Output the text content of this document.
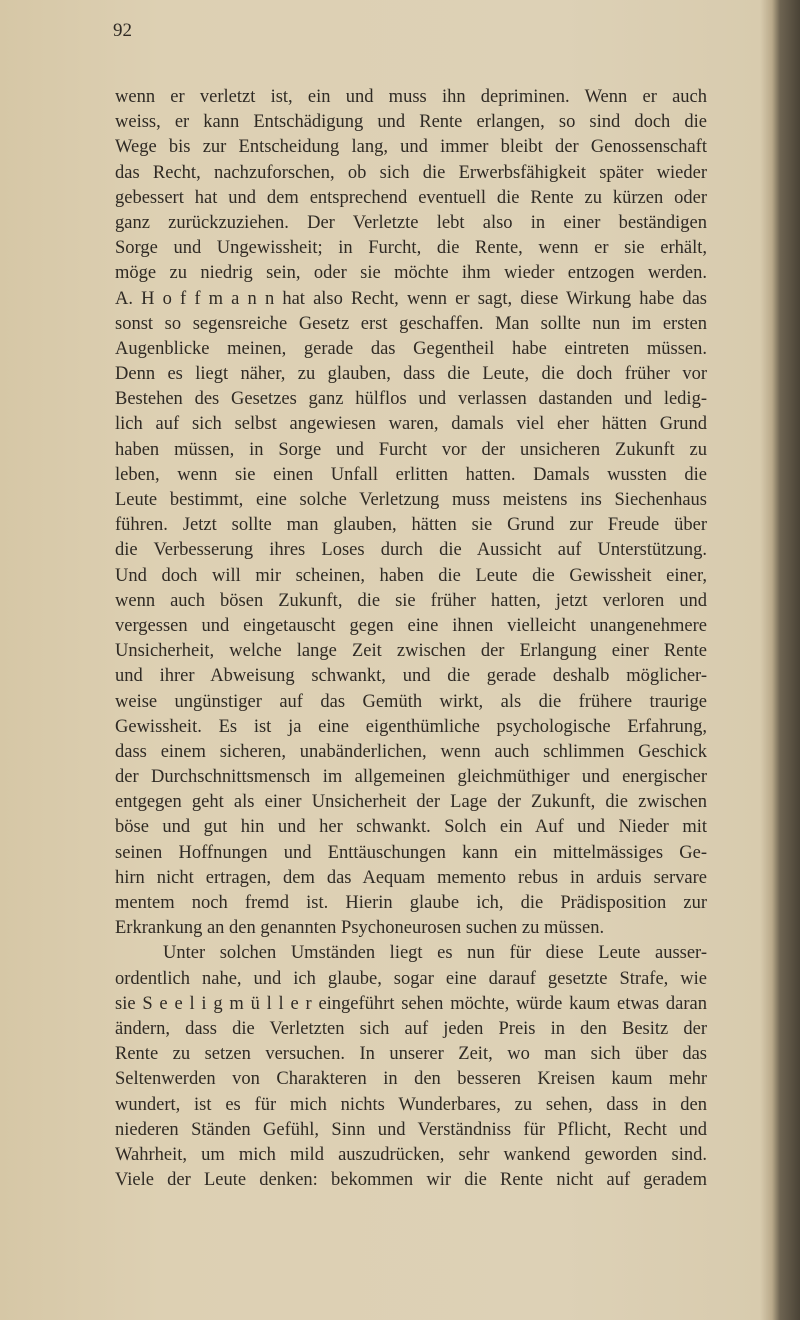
92
wenn er verletzt ist, ein und muss ihn depriminen. Wenn er auch
weiss, er kann Entschädigung und Rente erlangen, so sind doch die
Wege bis zur Entscheidung lang, und immer bleibt der Genossenschaft
das Recht, nachzuforschen, ob sich die Erwerbsfähigkeit später wieder
gebessert hat und dem entsprechend eventuell die Rente zu kürzen oder
ganz zurückzuziehen. Der Verletzte lebt also in einer beständigen
Sorge und Ungewissheit; in Furcht, die Rente, wenn er sie erhält,
möge zu niedrig sein, oder sie möchte ihm wieder entzogen werden.
A. H o f f m a n n hat also Recht, wenn er sagt, diese Wirkung habe das
sonst so segensreiche Gesetz erst geschaffen. Man sollte nun im ersten
Augenblicke meinen, gerade das Gegentheil habe eintreten müssen.
Denn es liegt näher, zu glauben, dass die Leute, die doch früher vor
Bestehen des Gesetzes ganz hülflos und verlassen dastanden und ledig-
lich auf sich selbst angewiesen waren, damals viel eher hätten Grund
haben müssen, in Sorge und Furcht vor der unsicheren Zukunft zu
leben, wenn sie einen Unfall erlitten hatten. Damals wussten die
Leute bestimmt, eine solche Verletzung muss meistens ins Siechenhaus
führen. Jetzt sollte man glauben, hätten sie Grund zur Freude über
die Verbesserung ihres Loses durch die Aussicht auf Unterstützung.
Und doch will mir scheinen, haben die Leute die Gewissheit einer,
wenn auch bösen Zukunft, die sie früher hatten, jetzt verloren und
vergessen und eingetauscht gegen eine ihnen vielleicht unangenehmere
Unsicherheit, welche lange Zeit zwischen der Erlangung einer Rente
und ihrer Abweisung schwankt, und die gerade deshalb möglicher-
weise ungünstiger auf das Gemüth wirkt, als die frühere traurige
Gewissheit. Es ist ja eine eigenthümliche psychologische Erfahrung,
dass einem sicheren, unabänderlichen, wenn auch schlimmen Geschick
der Durchschnittsmensch im allgemeinen gleichmüthiger und energischer
entgegen geht als einer Unsicherheit der Lage der Zukunft, die zwischen
böse und gut hin und her schwankt. Solch ein Auf und Nieder mit
seinen Hoffnungen und Enttäuschungen kann ein mittelmässiges Ge-
hirn nicht ertragen, dem das Aequam memento rebus in arduis servare
mentem noch fremd ist. Hierin glaube ich, die Prädisposition zur
Erkrankung an den genannten Psychoneurosen suchen zu müssen.
Unter solchen Umständen liegt es nun für diese Leute ausser-
ordentlich nahe, und ich glaube, sogar eine darauf gesetzte Strafe, wie
sie S e e l i g m ü l l e r eingeführt sehen möchte, würde kaum etwas daran
ändern, dass die Verletzten sich auf jeden Preis in den Besitz der
Rente zu setzen versuchen. In unserer Zeit, wo man sich über das
Seltenwerden von Charakteren in den besseren Kreisen kaum mehr
wundert, ist es für mich nichts Wunderbares, zu sehen, dass in den
niederen Ständen Gefühl, Sinn und Verständniss für Pflicht, Recht und
Wahrheit, um mich mild auszudrücken, sehr wankend geworden sind.
Viele der Leute denken: bekommen wir die Rente nicht auf geradem
